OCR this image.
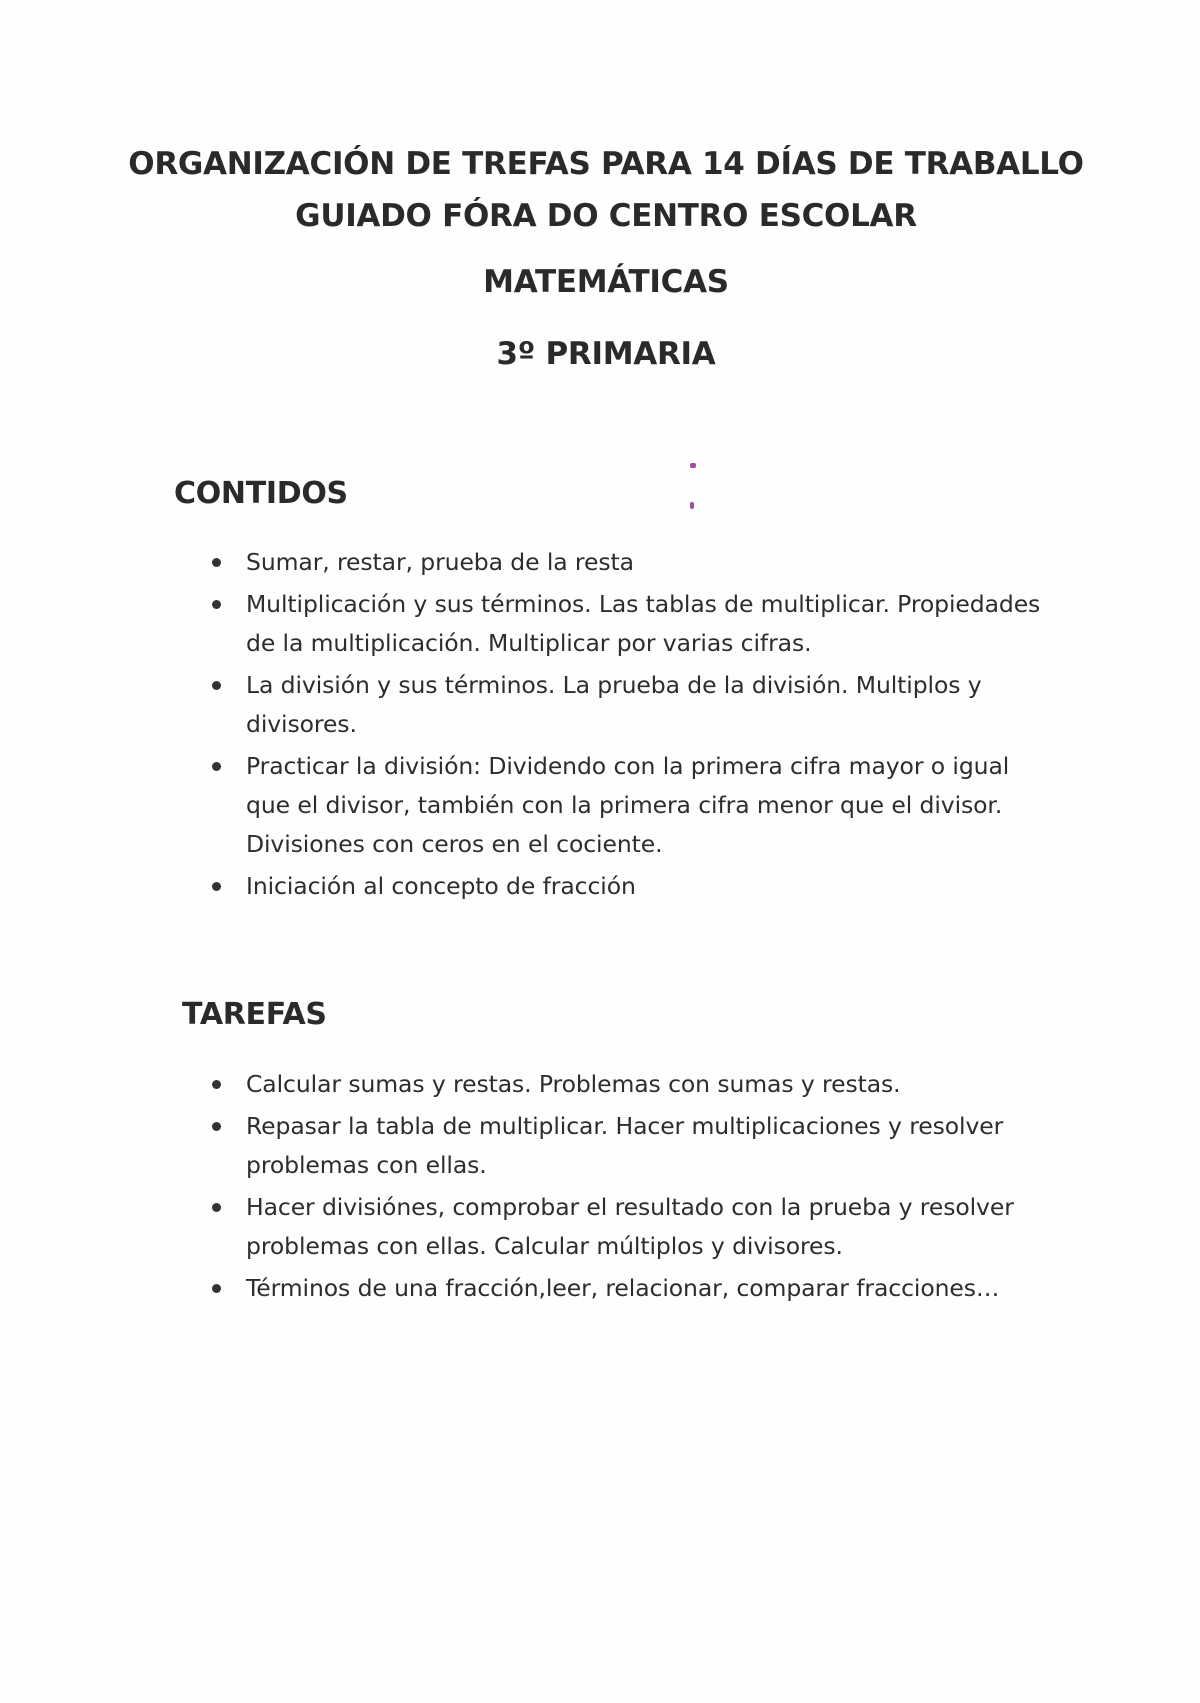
ORGANIZACIÓN DE TREFAS PARA 14 DÍAS DE TRABALLO

GUIADO FÓRA DO CENTRO ESCOLAR

MATEMÁTICAS

3º PRIMARIA

CONTIDOS
Sumar, restar, prueba de la resta
Multiplicación y sus términos. Las tablas de multiplicar. Propiedades de la multiplicación. Multiplicar por varias cifras.
La división y sus términos. La prueba de la división. Multiplos y divisores.
Practicar la división: Dividendo con la primera cifra mayor o igual que el divisor, también con la primera cifra menor que el divisor. Divisiones con ceros en el cociente.
Iniciación al concepto de fracción
TAREFAS
Calcular sumas y restas. Problemas con sumas y restas.
Repasar la tabla de multiplicar. Hacer multiplicaciones y resolver problemas con ellas.
Hacer divisiónes, comprobar el resultado con la prueba y resolver problemas con ellas. Calcular múltiplos y divisores.
Términos de una fracción,leer, relacionar, comparar fracciones…
